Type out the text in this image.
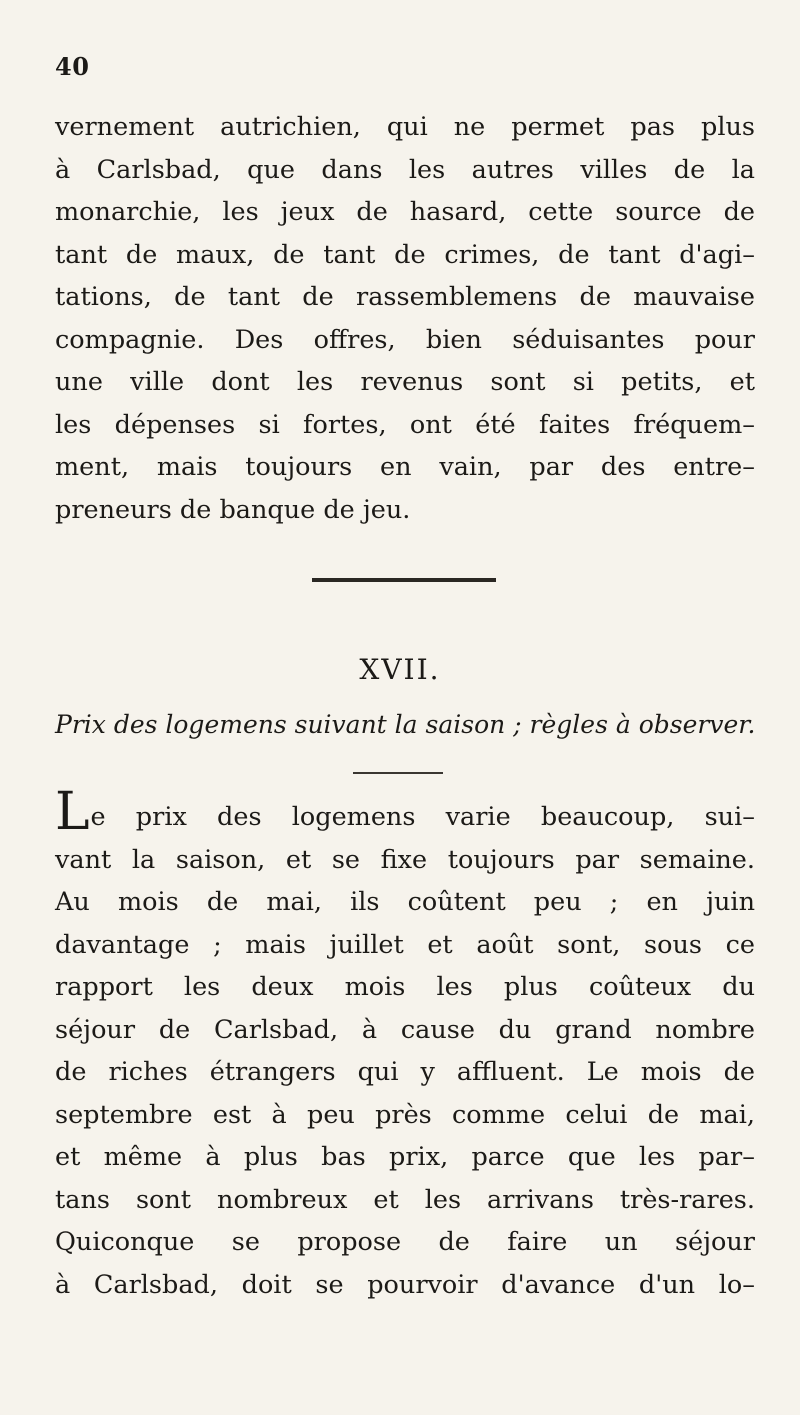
40

vernement autrichien, qui ne permet pas plus
à Carlsbad, que dans les autres villes de la
monarchie, les jeux de hasard, cette source de
tant de maux, de tant de crimes, de tant d'agi–
tations, de tant de rassemblemens de mauvaise
compagnie. Des offres, bien séduisantes pour
une ville dont les revenus sont si petits, et
les dépenses si fortes, ont été faites fréquem–
ment, mais toujours en vain, par des entre–
preneurs de banque de jeu.

XVII.
Prix des logemens suivant la saison ; règles à observer.

Le prix des logemens varie beaucoup, sui–
vant la saison, et se fixe toujours par semaine.
Au mois de mai, ils coûtent peu ; en juin
davantage ; mais juillet et août sont, sous ce
rapport les deux mois les plus coûteux du
séjour de Carlsbad, à cause du grand nombre
de riches étrangers qui y affluent. Le mois de
septembre est à peu près comme celui de mai,
et même à plus bas prix, parce que les par–
tans sont nombreux et les arrivans très-rares.
Quiconque se propose de faire un séjour
à Carlsbad, doit se pourvoir d'avance d'un lo–
